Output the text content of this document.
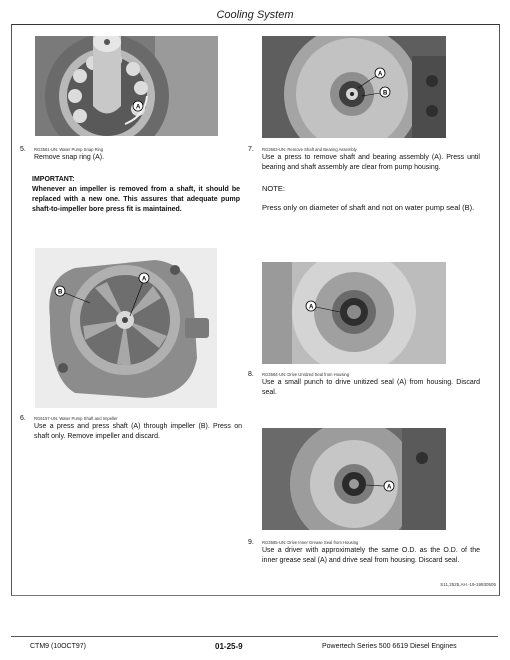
Cooling System
A
5. RG3561-UN: Water Pump Snap Ring
Remove snap ring (A).
IMPORTANT:
Whenever an impeller is removed from a shaft, it should be replaced with a new one. This assures that adequate pump shaft-to-impeller bore press fit is maintained.
A
B
6. RG6157-UN: Water Pump Shaft and Impeller
Use a press and press shaft (A) through impeller (B). Press on shaft only. Remove impeller and discard.
A
B
7. RG3563-UN: Remove Shaft and Bearing Assembly
Use a press to remove shaft and bearing assembly (A). Press until bearing and shaft assembly are clear from pump housing.
NOTE:
Press only on diameter of shaft and not on water pump seal (B).
A
8. RG3564-UN: Drive Unitized Seal from Housing
Use a small punch to drive unitized seal (A) from housing. Discard seal.
A
9. RG3565-UN: Drive Inner Grease Seal from Housing
Use a driver with approximately the same O.D. as the O.D. of the inner grease seal (A) and drive seal from housing. Discard seal.
S11,2525,AH -19-19930505
CTM9 (10OCT97)	01-25-9	Powertech Series 500 6619 Diesel Engines
